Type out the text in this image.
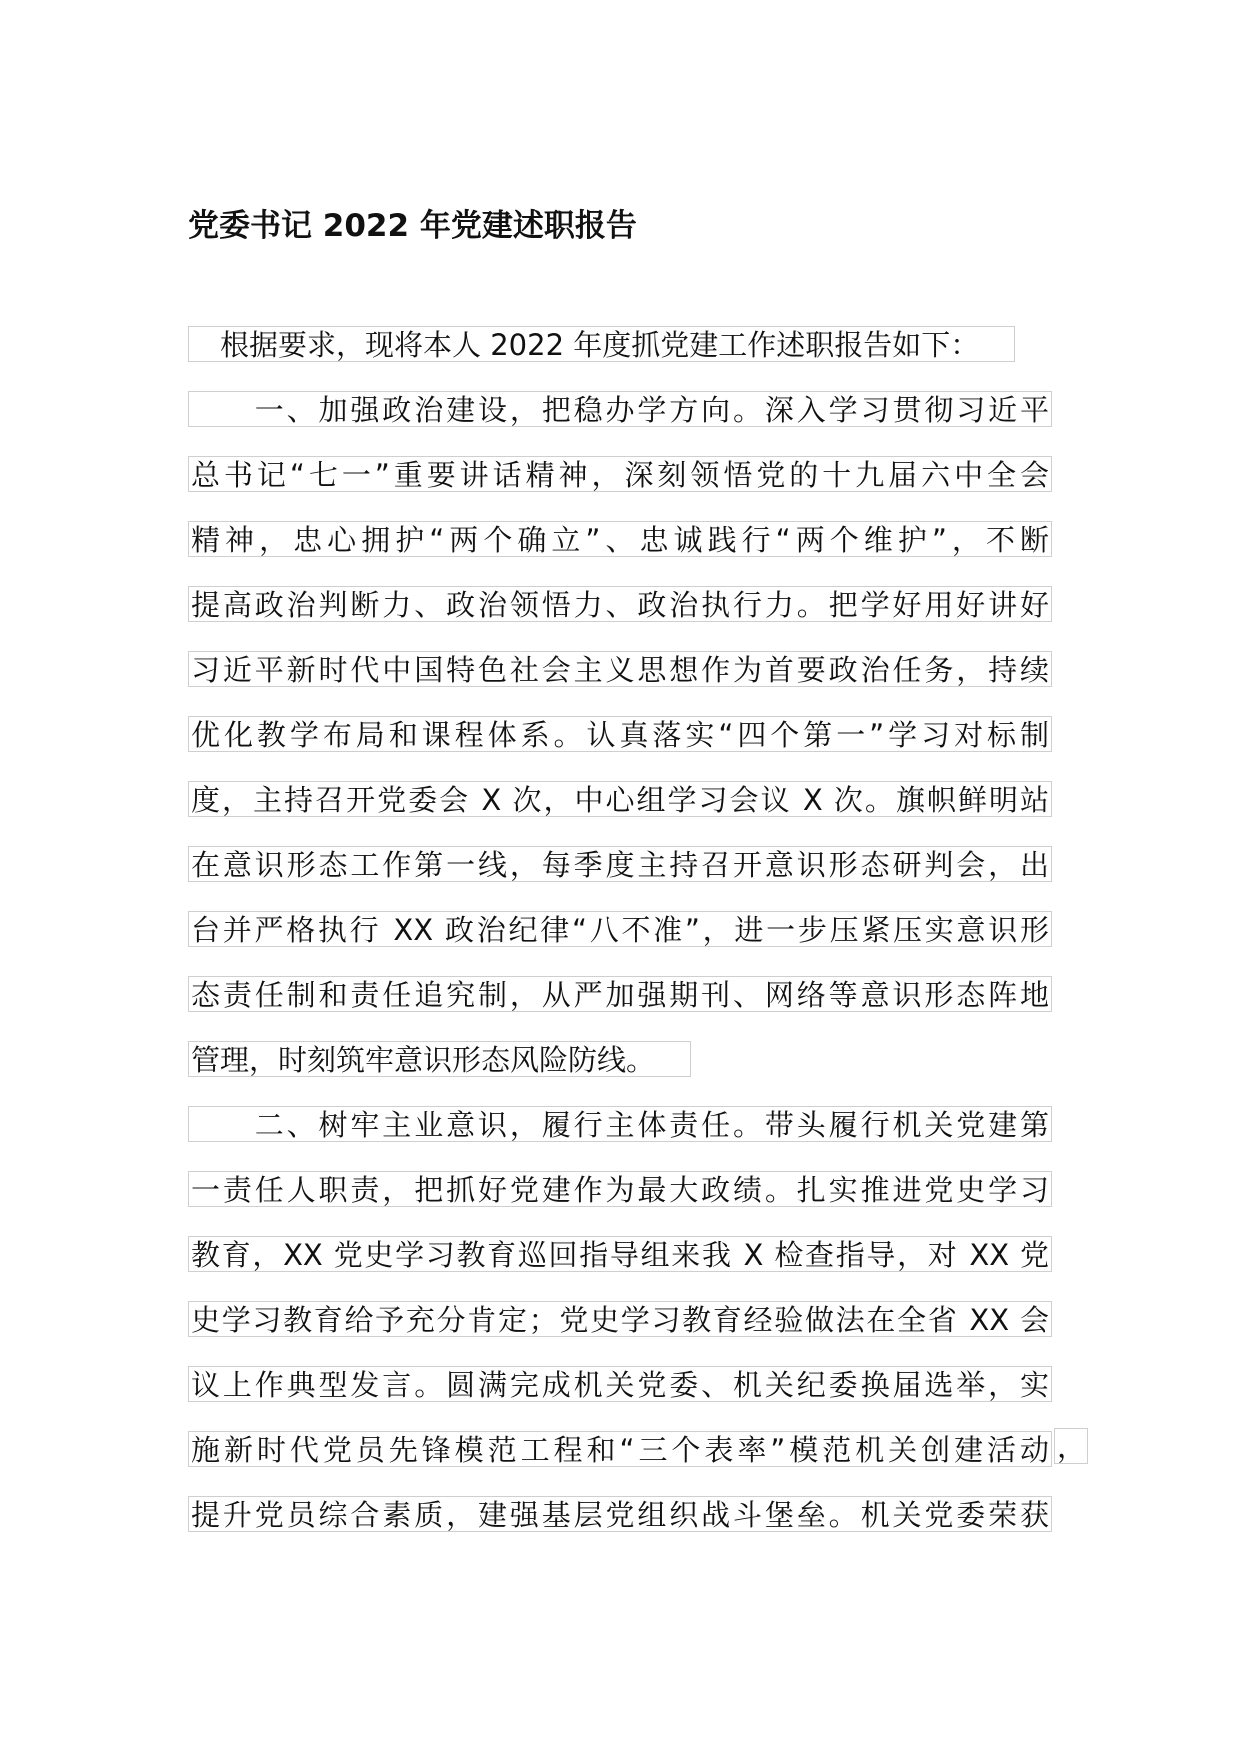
党委书记 2022 年党建述职报告
　根据要求，现将本人 2022 年度抓党建工作述职报告如下：
　　一、加强政治建设，把稳办学方向。深入学习贯彻习近平
总书记“七一”重要讲话精神，深刻领悟党的十九届六中全会
精神，忠心拥护“两个确立”、忠诚践行“两个维护”，不断
提高政治判断力、政治领悟力、政治执行力。把学好用好讲好
习近平新时代中国特色社会主义思想作为首要政治任务，持续
优化教学布局和课程体系。认真落实“四个第一”学习对标制
度，主持召开党委会 X 次，中心组学习会议 X 次。旗帜鲜明站
在意识形态工作第一线，每季度主持召开意识形态研判会，出
台并严格执行 XX 政治纪律“八不准”，进一步压紧压实意识形
态责任制和责任追究制，从严加强期刊、网络等意识形态阵地
管理，时刻筑牢意识形态风险防线。
　　二、树牢主业意识，履行主体责任。带头履行机关党建第
一责任人职责，把抓好党建作为最大政绩。扎实推进党史学习
教育，XX 党史学习教育巡回指导组来我 X 检查指导，对 XX 党
史学习教育给予充分肯定；党史学习教育经验做法在全省 XX 会
议上作典型发言。圆满完成机关党委、机关纪委换届选举，实
施新时代党员先锋模范工程和“三个表率”模范机关创建活动 ，
提升党员综合素质，建强基层党组织战斗堡垒。机关党委荣获
